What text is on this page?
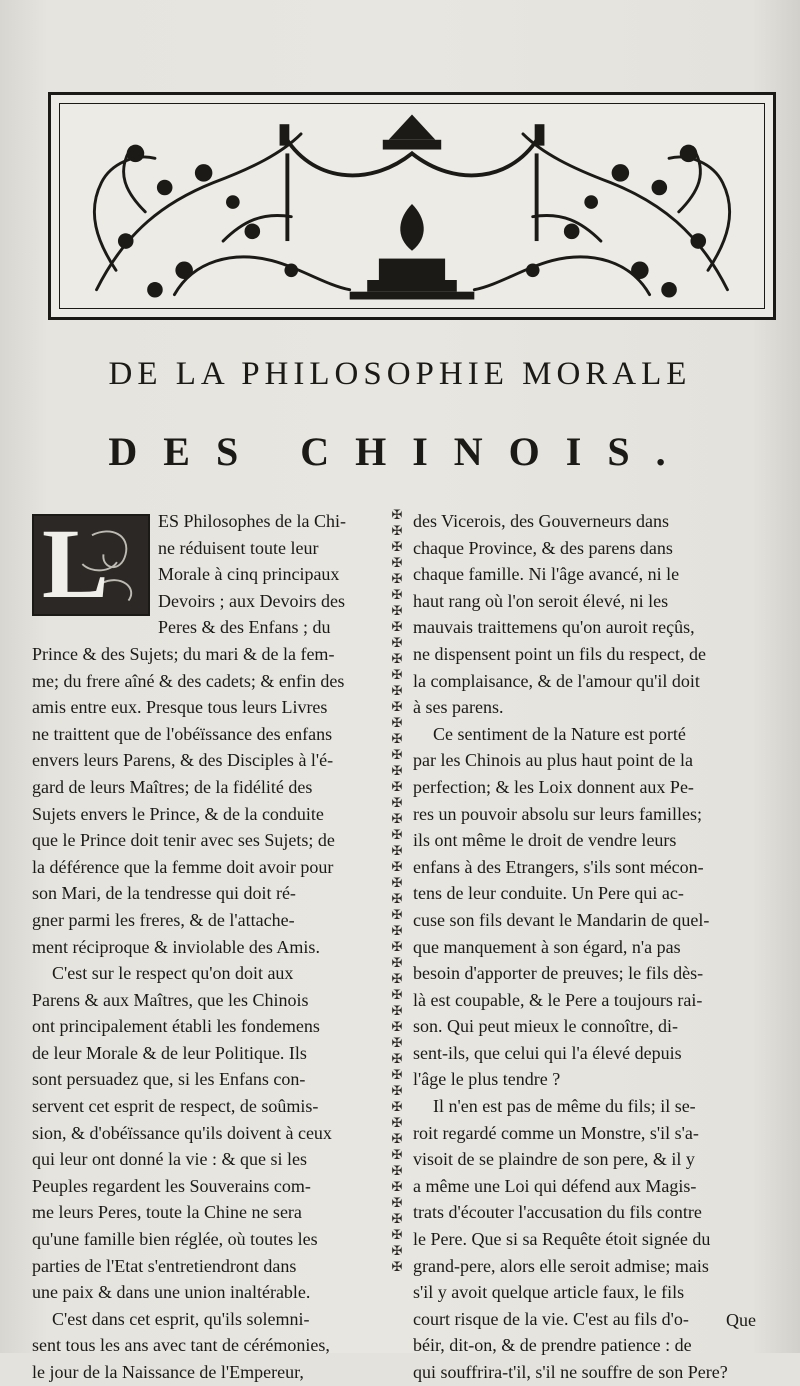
DE LA PHILOSOPHIE MORALE
DES CHINOIS.
L	ES Philosophes de la Chi-
ne réduisent toute leur
Morale à cinq principaux
Devoirs ; aux Devoirs des
Peres & des Enfans ; du
Prince & des Sujets; du mari & de la fem-
me; du frere aîné & des cadets; & enfin des
amis entre eux. Presque tous leurs Livres
ne traittent que de l'obéïssance des enfans
envers leurs Parens, & des Disciples à l'é-
gard de leurs Maîtres; de la fidélité des
Sujets envers le Prince, & de la conduite
que le Prince doit tenir avec ses Sujets; de
la déférence que la femme doit avoir pour
son Mari, de la tendresse qui doit ré-
gner parmi les freres, & de l'attache-
ment réciproque & inviolable des Amis.
C'est sur le respect qu'on doit aux
Parens & aux Maîtres, que les Chinois
ont principalement établi les fondemens
de leur Morale & de leur Politique. Ils
sont persuadez que, si les Enfans con-
servent cet esprit de respect, de soûmis-
sion, & d'obéïssance qu'ils doivent à ceux
qui leur ont donné la vie : & que si les
Peuples regardent les Souverains com-
me leurs Peres, toute la Chine ne sera
qu'une famille bien réglée, où toutes les
parties de l'Etat s'entretiendront dans
une paix & dans une union inaltérable.
C'est dans cet esprit, qu'ils solemni-
sent tous les ans avec tant de cérémonies,
le jour de la Naissance de l'Empereur,
✠
✠
✠
✠
✠
✠
✠
✠
✠
✠
✠
✠
✠
✠
✠
✠
✠
✠
✠
✠
✠
✠
✠
✠
✠
✠
✠
✠
✠
✠
✠
✠
✠
✠
✠
✠
✠
✠
✠
✠
✠
✠
✠
✠
✠
✠
✠
✠
des Vicerois, des Gouverneurs dans
chaque Province, & des parens dans
chaque famille. Ni l'âge avancé, ni le
haut rang où l'on seroit élevé, ni les
mauvais traittemens qu'on auroit reçûs,
ne dispensent point un fils du respect, de
la complaisance, & de l'amour qu'il doit
à ses parens.
Ce sentiment de la Nature est porté
par les Chinois au plus haut point de la
perfection; & les Loix donnent aux Pe-
res un pouvoir absolu sur leurs familles;
ils ont même le droit de vendre leurs
enfans à des Etrangers, s'ils sont mécon-
tens de leur conduite. Un Pere qui ac-
cuse son fils devant le Mandarin de quel-
que manquement à son égard, n'a pas
besoin d'apporter de preuves; le fils dès-
là est coupable, & le Pere a toujours rai-
son. Qui peut mieux le connoître, di-
sent-ils, que celui qui l'a élevé depuis
l'âge le plus tendre ?
Il n'en est pas de même du fils; il se-
roit regardé comme un Monstre, s'il s'a-
visoit de se plaindre de son pere, & il y
a même une Loi qui défend aux Magis-
trats d'écouter l'accusation du fils contre
le Pere. Que si sa Requête étoit signée du
grand-pere, alors elle seroit admise; mais
s'il y avoit quelque article faux, le fils
court risque de la vie. C'est au fils d'o-
béir, dit-on, & de prendre patience : de
qui souffrira-t'il, s'il ne souffre de son Pere?
Que
